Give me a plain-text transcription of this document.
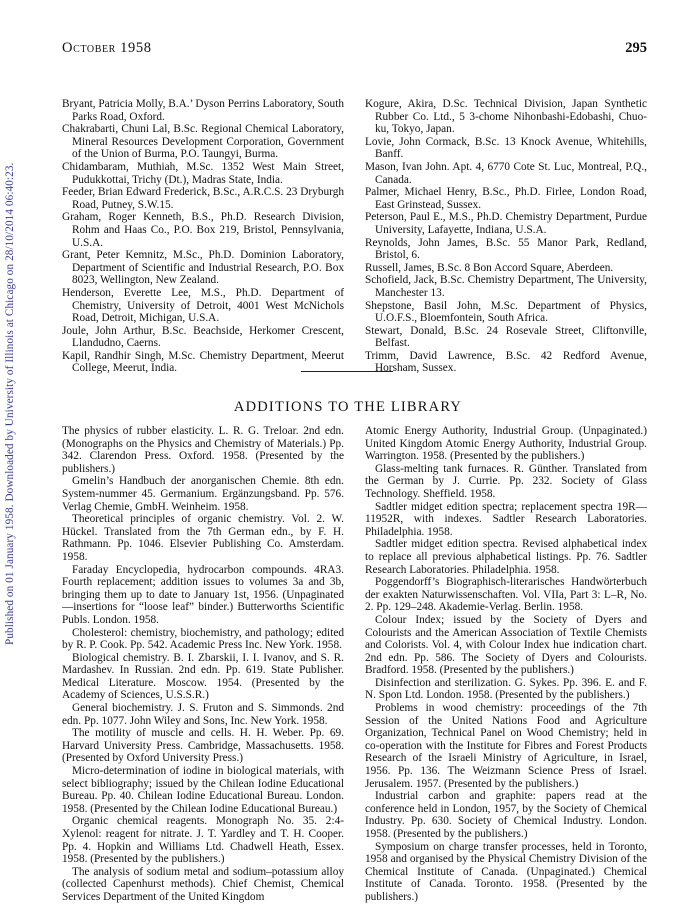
October 1958	295
Published on 01 January 1958. Downloaded by University of Illinois at Chicago on 28/10/2014 06:40:23.

Bryant, Patricia Molly, B.A.’ Dyson Perrins Laboratory, South Parks Road, Oxford.

Chakrabarti, Chuni Lal, B.Sc. Regional Chemical Laboratory, Mineral Resources Development Corporation, Government of the Union of Burma, P.O. Taungyi, Burma.

Chidambaram, Muthiah, M.Sc. 1352 West Main Street, Pudukkottai, Trichy (Dt.), Madras State, India.

Feeder, Brian Edward Frederick, B.Sc., A.R.C.S. 23 Dryburgh Road, Putney, S.W.15.

Graham, Roger Kenneth, B.S., Ph.D. Research Division, Rohm and Haas Co., P.O. Box 219, Bristol, Pennsylvania, U.S.A.

Grant, Peter Kemnitz, M.Sc., Ph.D. Dominion Laboratory, Department of Scientific and Industrial Research, P.O. Box 8023, Wellington, New Zealand.

Henderson, Everette Lee, M.S., Ph.D. Department of Chemistry, University of Detroit, 4001 West McNichols Road, Detroit, Michigan, U.S.A.

Joule, John Arthur, B.Sc. Beachside, Herkomer Crescent, Llandudno, Caerns.

Kapil, Randhir Singh, M.Sc. Chemistry Department, Meerut College, Meerut, India.

Kogure, Akira, D.Sc. Technical Division, Japan Synthetic Rubber Co. Ltd., 5 3-chome Nihonbashi-Edobashi, Chuo-ku, Tokyo, Japan.

Lovie, John Cormack, B.Sc. 13 Knock Avenue, Whitehills, Banff.

Mason, Ivan John. Apt. 4, 6770 Cote St. Luc, Montreal, P.Q., Canada.

Palmer, Michael Henry, B.Sc., Ph.D. Firlee, London Road, East Grinstead, Sussex.

Peterson, Paul E., M.S., Ph.D. Chemistry Department, Purdue University, Lafayette, Indiana, U.S.A.

Reynolds, John James, B.Sc. 55 Manor Park, Redland, Bristol, 6.

Russell, James, B.Sc. 8 Bon Accord Square, Aberdeen.

Schofield, Jack, B.Sc. Chemistry Department, The University, Manchester 13.

Shepstone, Basil John, M.Sc. Department of Physics, U.O.F.S., Bloemfontein, South Africa.

Stewart, Donald, B.Sc. 24 Rosevale Street, Cliftonville, Belfast.

Trimm, David Lawrence, B.Sc. 42 Redford Avenue, Horsham, Sussex.

ADDITIONS TO THE LIBRARY

The physics of rubber elasticity. L. R. G. Treloar. 2nd edn. (Monographs on the Physics and Chemistry of Materials.) Pp. 342. Clarendon Press. Oxford. 1958. (Presented by the publishers.)

Gmelin’s Handbuch der anorganischen Chemie. 8th edn. System-nummer 45. Germanium. Ergänzungsband. Pp. 576. Verlag Chemie, GmbH. Weinheim. 1958.

Theoretical principles of organic chemistry. Vol. 2. W. Hückel. Translated from the 7th German edn., by F. H. Rathmann. Pp. 1046. Elsevier Publishing Co. Amsterdam. 1958.

Faraday Encyclopedia, hydrocarbon compounds. 4RA3. Fourth replacement; addition issues to volumes 3a and 3b, bringing them up to date to January 1st, 1956. (Unpaginated—insertions for “loose leaf” binder.) Butterworths Scientific Publs. London. 1958.

Cholesterol: chemistry, biochemistry, and pathology; edited by R. P. Cook. Pp. 542. Academic Press Inc. New York. 1958.

Biological chemistry. B. I. Zbarskii, I. I. Ivanov, and S. R. Mardashev. In Russian. 2nd edn. Pp. 619. State Publisher. Medical Literature. Moscow. 1954. (Presented by the Academy of Sciences, U.S.S.R.)

General biochemistry. J. S. Fruton and S. Simmonds. 2nd edn. Pp. 1077. John Wiley and Sons, Inc. New York. 1958.

The motility of muscle and cells. H. H. Weber. Pp. 69. Harvard University Press. Cambridge, Massachusetts. 1958. (Presented by Oxford University Press.)

Micro-determination of iodine in biological materials, with select bibliography; issued by the Chilean Iodine Educational Bureau. Pp. 40. Chilean Iodine Educational Bureau. London. 1958. (Presented by the Chilean Iodine Educational Bureau.)

Organic chemical reagents. Monograph No. 35. 2:4-Xylenol: reagent for nitrate. J. T. Yardley and T. H. Cooper. Pp. 4. Hopkin and Williams Ltd. Chadwell Heath, Essex. 1958. (Presented by the publishers.)

The analysis of sodium metal and sodium–potassium alloy (collected Capenhurst methods). Chief Chemist, Chemical Services Department of the United Kingdom

Atomic Energy Authority, Industrial Group. (Unpaginated.) United Kingdom Atomic Energy Authority, Industrial Group. Warrington. 1958. (Presented by the publishers.)

Glass-melting tank furnaces. R. Günther. Translated from the German by J. Currie. Pp. 232. Society of Glass Technology. Sheffield. 1958.

Sadtler midget edition spectra; replacement spectra 19R—11952R, with indexes. Sadtler Research Laboratories. Philadelphia. 1958.

Sadtler midget edition spectra. Revised alphabetical index to replace all previous alphabetical listings. Pp. 76. Sadtler Research Laboratories. Philadelphia. 1958.

Poggendorff’s Biographisch-literarisches Handwörterbuch der exakten Naturwissenschaften. Vol. VIIa, Part 3: L–R, No. 2. Pp. 129–248. Akademie-Verlag. Berlin. 1958.

Colour Index; issued by the Society of Dyers and Colourists and the American Association of Textile Chemists and Colorists. Vol. 4, with Colour Index hue indication chart. 2nd edn. Pp. 586. The Society of Dyers and Colourists. Bradford. 1958. (Presented by the publishers.)

Disinfection and sterilization. G. Sykes. Pp. 396. E. and F. N. Spon Ltd. London. 1958. (Presented by the publishers.)

Problems in wood chemistry: proceedings of the 7th Session of the United Nations Food and Agriculture Organization, Technical Panel on Wood Chemistry; held in co-operation with the Institute for Fibres and Forest Products Research of the Israeli Ministry of Agriculture, in Israel, 1956. Pp. 136. The Weizmann Science Press of Israel. Jerusalem. 1957. (Presented by the publishers.)

Industrial carbon and graphite: papers read at the conference held in London, 1957, by the Society of Chemical Industry. Pp. 630. Society of Chemical Industry. London. 1958. (Presented by the publishers.)

Symposium on charge transfer processes, held in Toronto, 1958 and organised by the Physical Chemistry Division of the Chemical Institute of Canada. (Unpaginated.) Chemical Institute of Canada. Toronto. 1958. (Presented by the publishers.)
